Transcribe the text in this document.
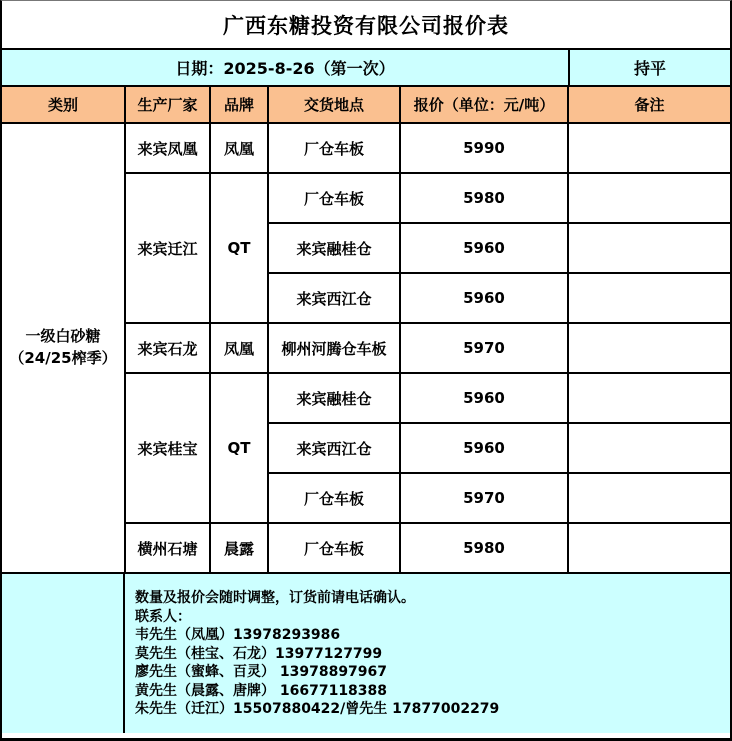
广西东糖投资有限公司报价表
日期：2025-8-26（第一次）	持平
类别	生产厂家	品牌	交货地点	报价（单位：元/吨）	备注

一级白砂糖
（24/25榨季）	来宾凤凰	凤凰	厂仓车板	5990	
	来宾迁江	QT	厂仓车板	5980	
			来宾融桂仓	5960	
			来宾西江仓	5960	
	来宾石龙	凤凰	柳州河腾仓车板	5970	
	来宾桂宝	QT	来宾融桂仓	5960	
			来宾西江仓	5960	
			厂仓车板	5970	
	横州石塘	晨露	厂仓车板	5980	
数量及报价会随时调整，订货前请电话确认。
联系人：
韦先生（凤凰）13978293986
莫先生（桂宝、石龙）13977127799
廖先生（蜜蜂、百灵） 13978897967
黄先生（晨露、唐牌） 16677118388
朱先生（迁江）15507880422/曾先生 17877002279
